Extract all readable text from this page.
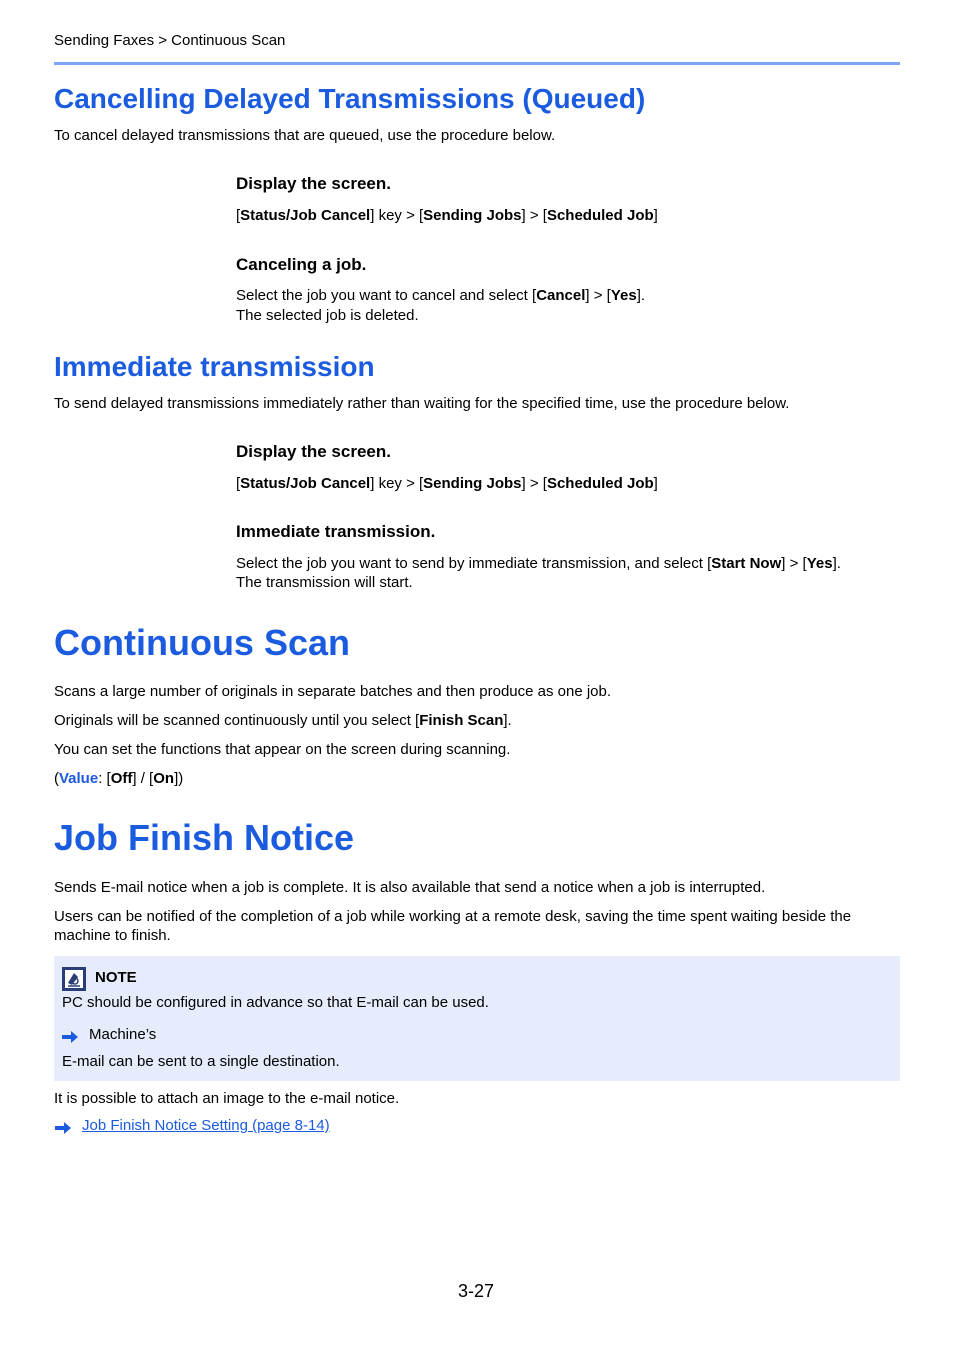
Sending Faxes > Continuous Scan
Cancelling Delayed Transmissions (Queued)
To cancel delayed transmissions that are queued, use the procedure below.
Display the screen.
[Status/Job Cancel] key > [Sending Jobs] > [Scheduled Job]
Canceling a job.
Select the job you want to cancel and select [Cancel] > [Yes].
The selected job is deleted.
Immediate transmission
To send delayed transmissions immediately rather than waiting for the specified time, use the procedure below.
Display the screen.
[Status/Job Cancel] key > [Sending Jobs] > [Scheduled Job]
Immediate transmission.
Select the job you want to send by immediate transmission, and select [Start Now] > [Yes].
The transmission will start.
Continuous Scan
Scans a large number of originals in separate batches and then produce as one job.
Originals will be scanned continuously until you select [Finish Scan].
You can set the functions that appear on the screen during scanning.
(Value: [Off] / [On])
Job Finish Notice
Sends E-mail notice when a job is complete. It is also available that send a notice when a job is interrupted.
Users can be notified of the completion of a job while working at a remote desk, saving the time spent waiting beside the
machine to finish.
NOTE
PC should be configured in advance so that E-mail can be used.
Machine’s
E-mail can be sent to a single destination.
It is possible to attach an image to the e-mail notice.
Job Finish Notice Setting (page 8-14)
3-27
